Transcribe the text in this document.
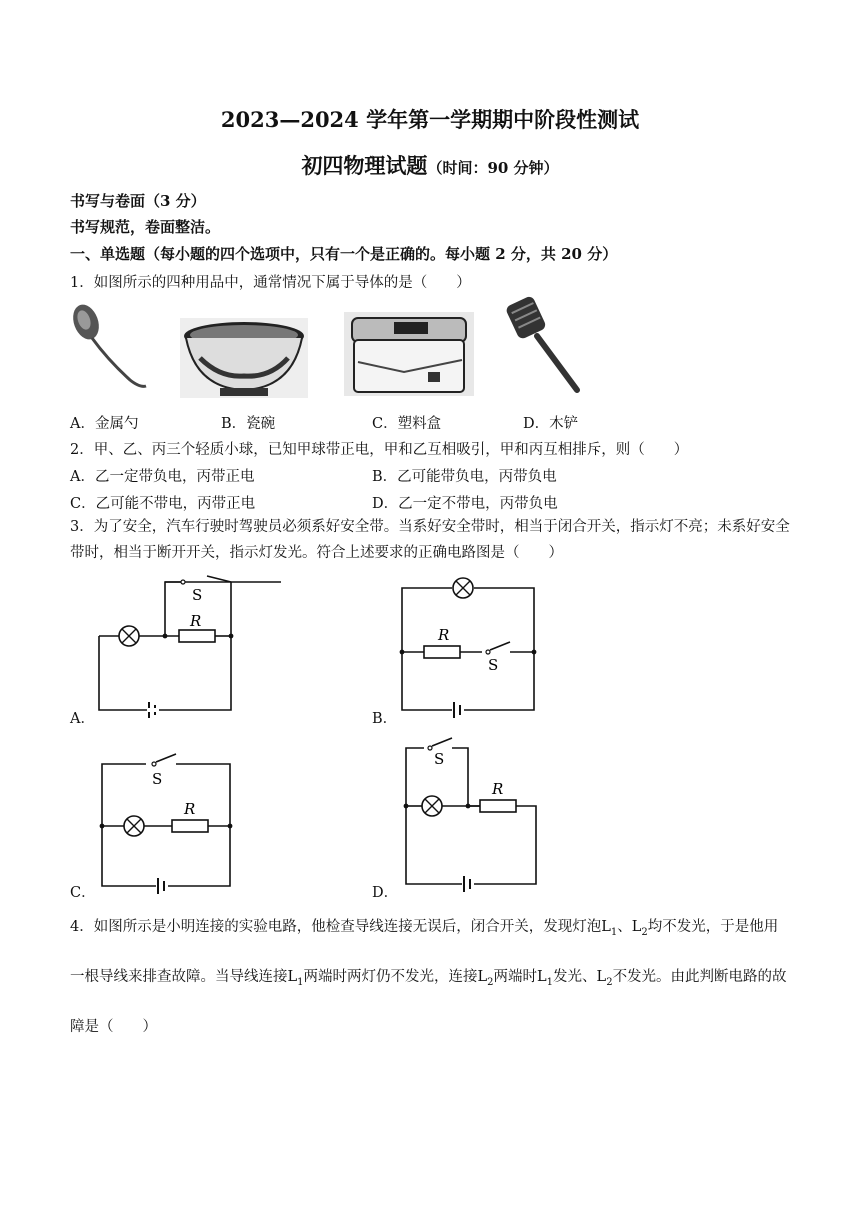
2023—2024 学年第一学期期中阶段性测试
初四物理试题（时间：90 分钟）
书写与卷面（3 分）
书写规范，卷面整洁。
一、单选题（每小题的四个选项中，只有一个是正确的。每小题 2 分，共 20 分）
1．如图所示的四种用品中，通常情况下属于导体的是（　　）
A．金属勺	B．瓷碗	C．塑料盒	D．木铲
2．甲、乙、丙三个轻质小球，已知甲球带正电，甲和乙互相吸引，甲和丙互相排斥，则（　　）
A．乙一定带负电，丙带正电	B．乙可能带负电，丙带负电
C．乙可能不带电，丙带正电	D．乙一定不带电，丙带负电
3．为了安全，汽车行驶时驾驶员必须系好安全带。当系好安全带时，相当于闭合开关，指示灯不亮；未系好安全带时，相当于断开开关，指示灯发光。符合上述要求的正确电路图是（　　）
S
R
A．
R
S
B．
S
R
C．
S
R
D．
4．如图所示是小明连接的实验电路，他检查导线连接无误后，闭合开关，发现灯泡$L_1$、$L_2$均不发光，于是他用一根导线来排查故障。当导线连接$L_1$两端时两灯仍不发光，连接$L_2$两端时$L_1$发光、$L_2$不发光。由此判断电路的故障是（　　）
